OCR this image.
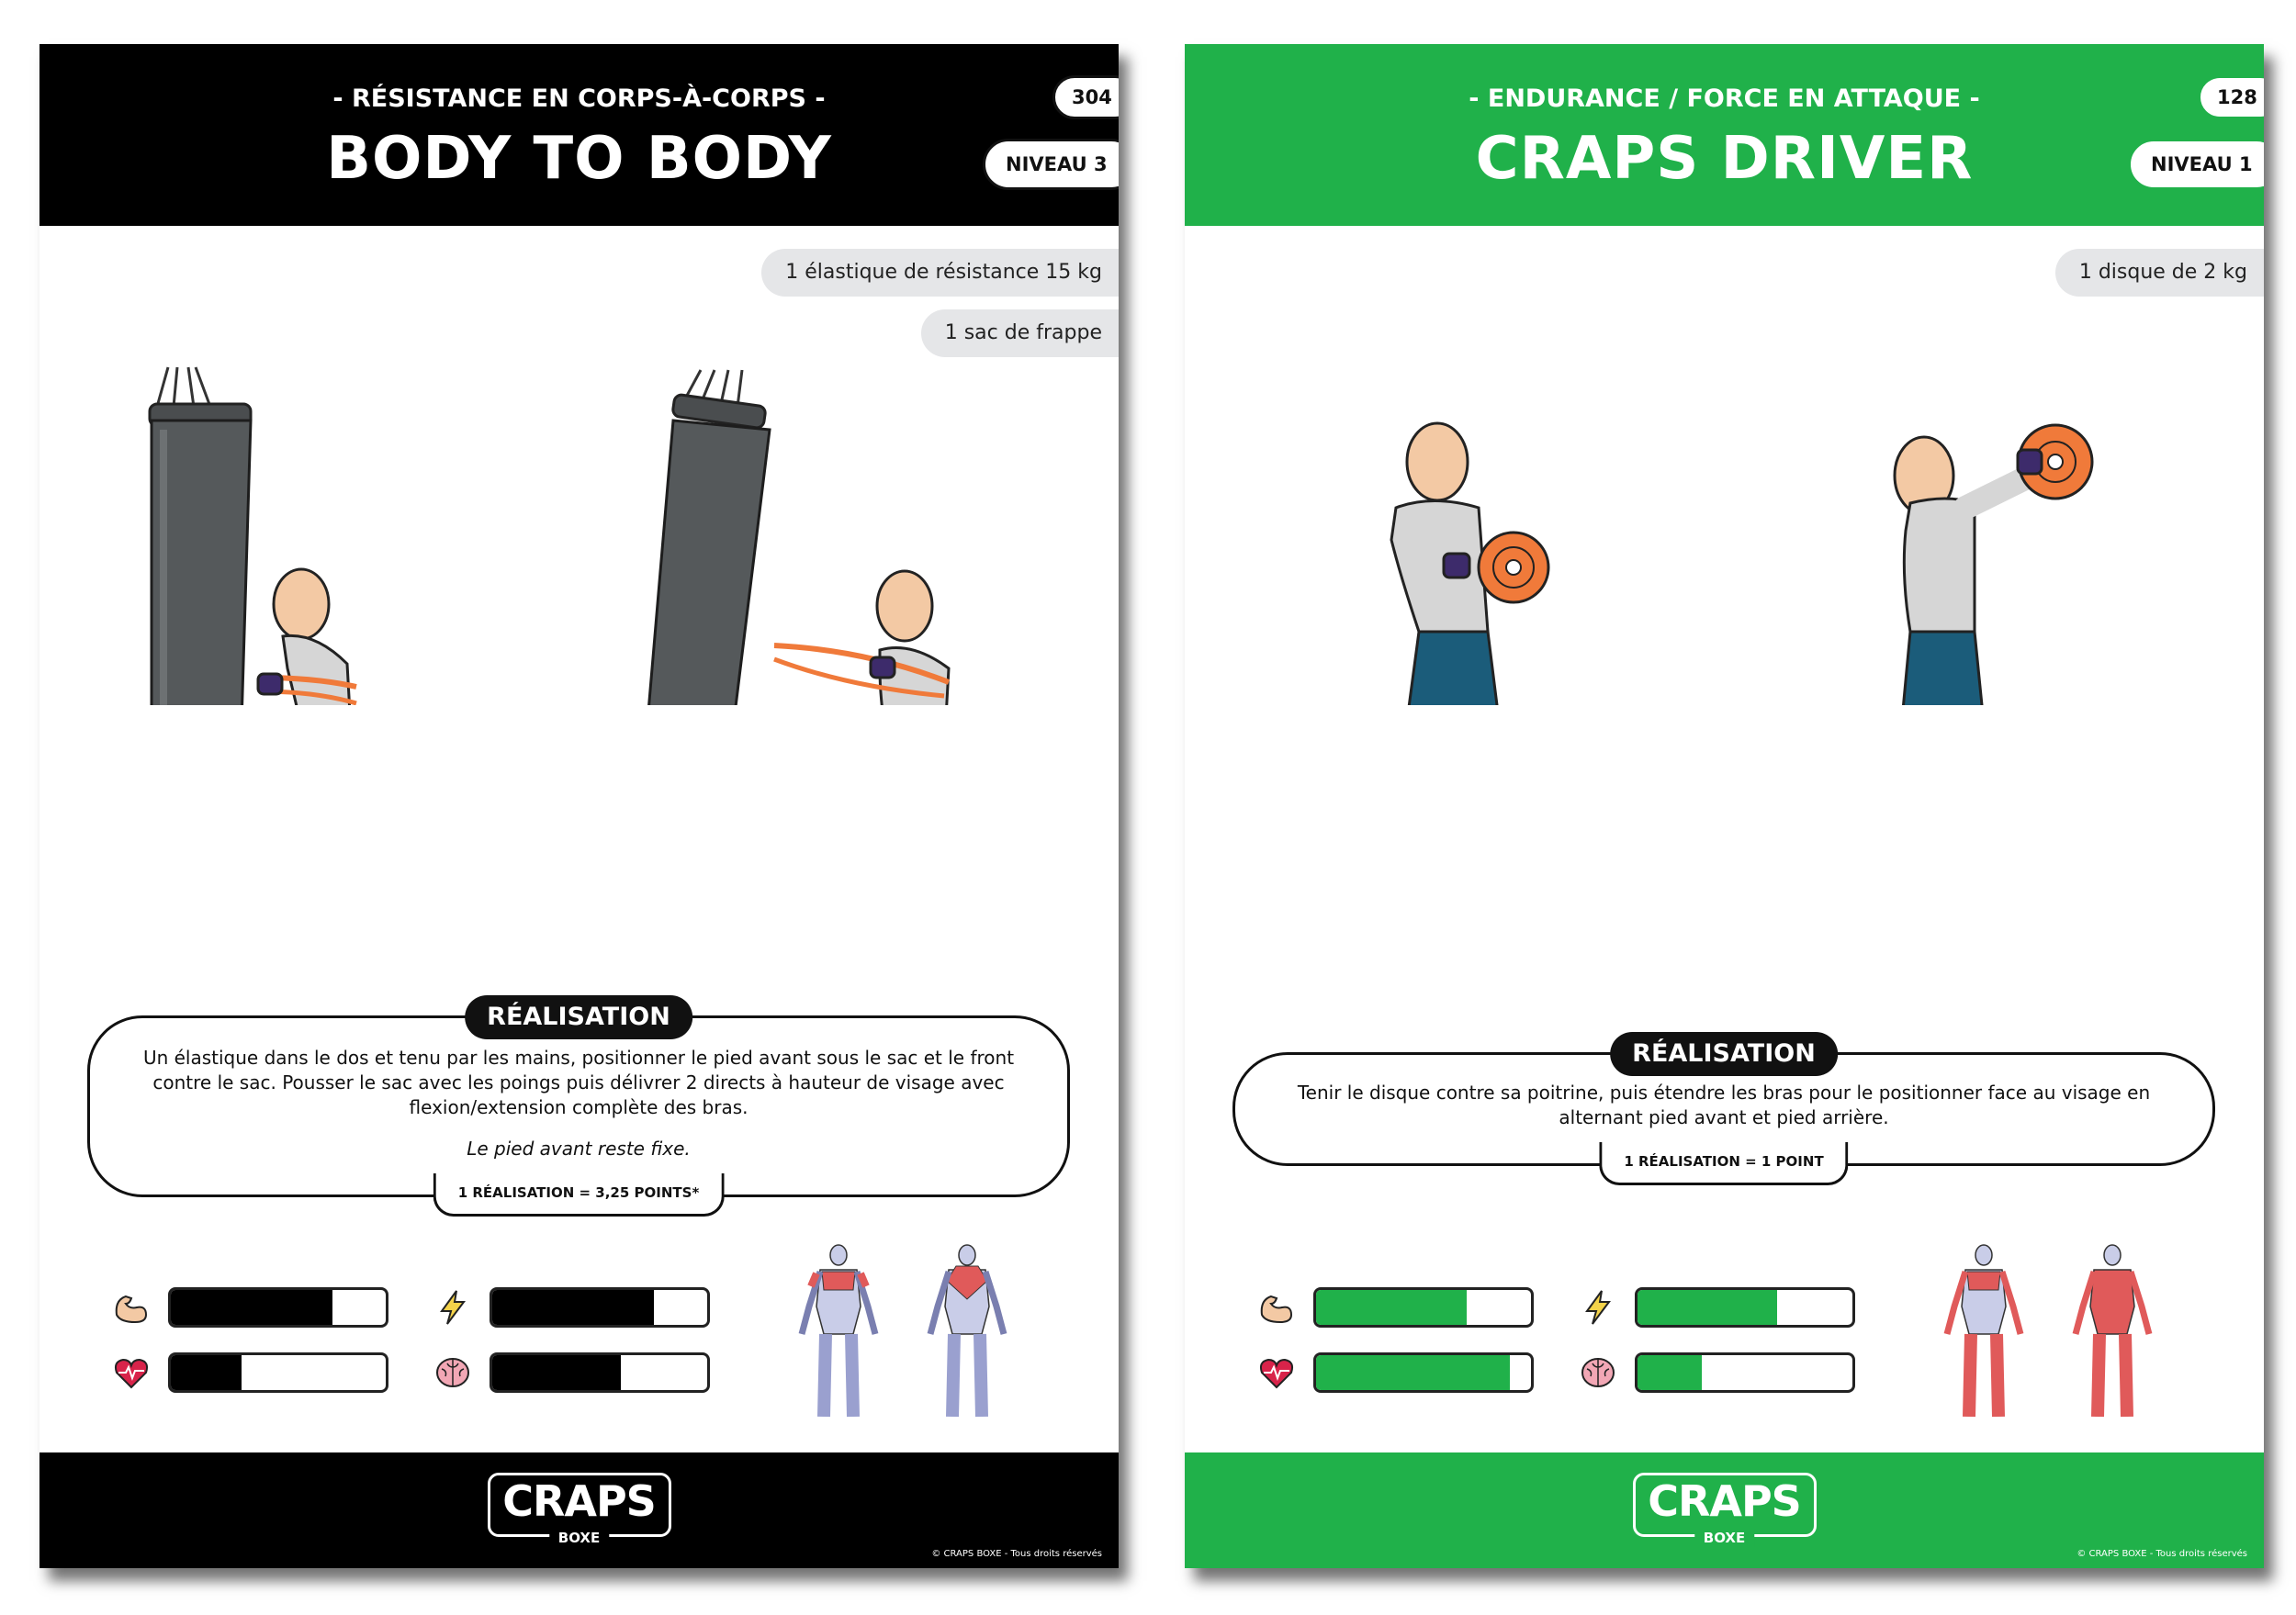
- RÉSISTANCE EN CORPS-À-CORPS -
BODY TO BODY
304
NIVEAU 3
1 élastique de résistance 15 kg
1 sac de frappe
RÉALISATION
Un élastique dans le dos et tenu par les mains, positionner le pied avant sous le sac et le front contre le sac. Pousser le sac avec les poings puis délivrer 2 directs à hauteur de visage avec flexion/extension complète des bras.
Le pied avant reste fixe.
1 RÉALISATION = 3,25 POINTS*
CRAPS
BOXE
© CRAPS BOXE - Tous droits réservés
- ENDURANCE / FORCE EN ATTAQUE -
CRAPS DRIVER
128
NIVEAU 1
1 disque de 2 kg
RÉALISATION
Tenir le disque contre sa poitrine, puis étendre les bras pour le positionner face au visage en alternant pied avant et pied arrière.
1 RÉALISATION = 1 POINT
CRAPS
BOXE
© CRAPS BOXE - Tous droits réservés
